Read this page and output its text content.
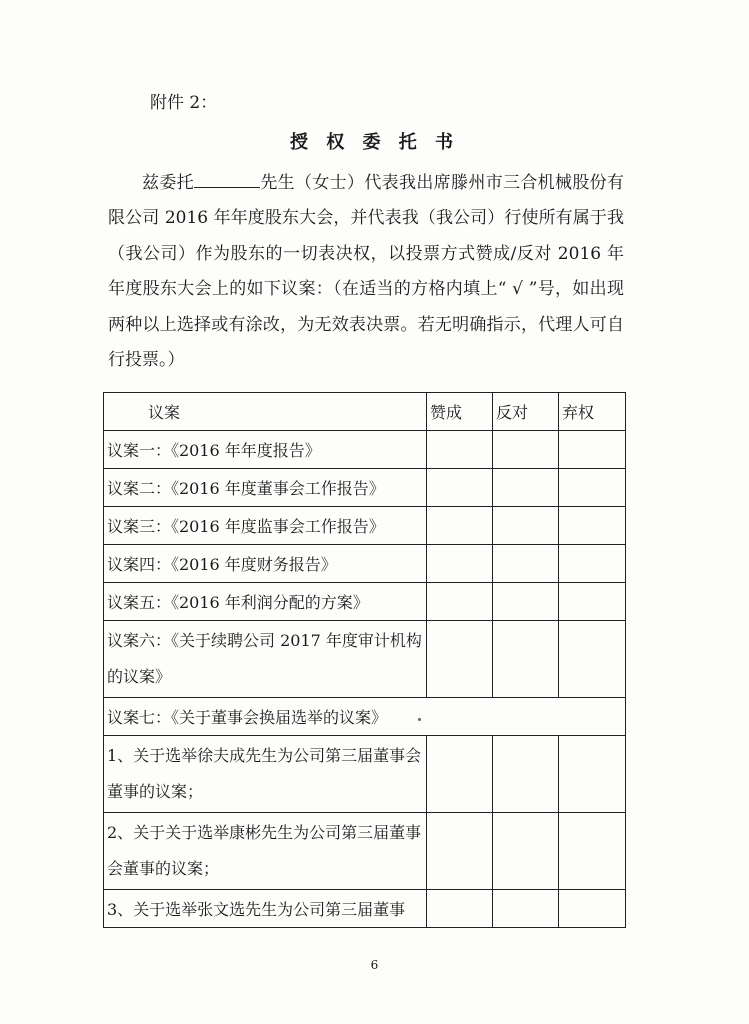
附件 2：
授 权 委 托 书

兹委托	先生（女士）代表我出席滕州市三合机械股份有限公司 2016 年年度股东大会，并代表我（我公司）行使所有属于我（我公司）作为股东的一切表决权，以投票方式赞成/反对 2016 年年度股东大会上的如下议案：（在适当的方格内填上“ √ ”号，如出现两种以上选择或有涂改，为无效表决票。若无明确指示，代理人可自行投票。）

议案	赞成	反对	弃权
议案一：《2016 年年度报告》			
议案二：《2016 年度董事会工作报告》			
议案三：《2016 年度监事会工作报告》			
议案四：《2016 年度财务报告》			
议案五：《2016 年利润分配的方案》			
议案六：《关于续聘公司 2017 年度审计机构的议案》			
议案七：《关于董事会换届选举的议案》			
1、关于选举徐夫成先生为公司第三届董事会董事的议案；			
2、关于关于选举康彬先生为公司第三届董事会董事的议案；			
3、关于选举张文选先生为公司第三届董事			
6
